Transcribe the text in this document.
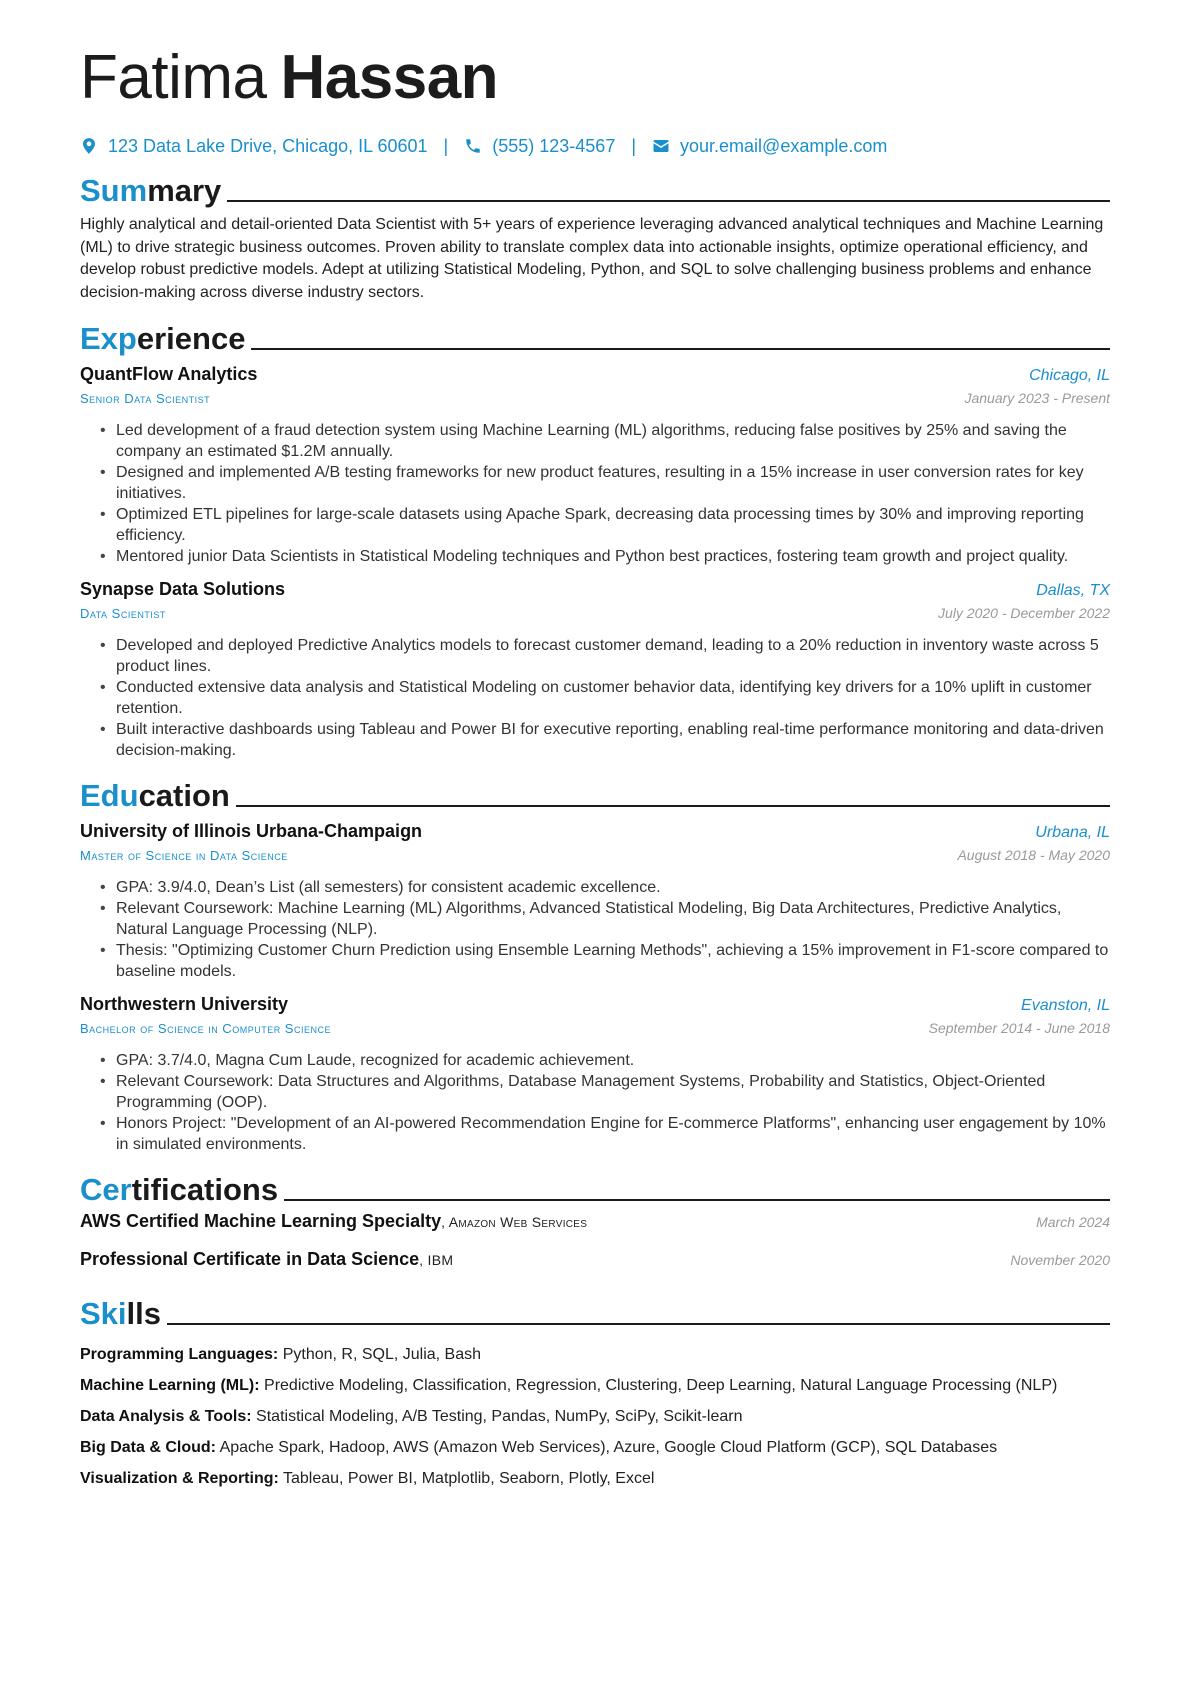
Fatima Hassan
123 Data Lake Drive, Chicago, IL 60601 | (555) 123-4567 | your.email@example.com
Summary
Highly analytical and detail-oriented Data Scientist with 5+ years of experience leveraging advanced analytical techniques and Machine Learning (ML) to drive strategic business outcomes. Proven ability to translate complex data into actionable insights, optimize operational efficiency, and develop robust predictive models. Adept at utilizing Statistical Modeling, Python, and SQL to solve challenging business problems and enhance decision-making across diverse industry sectors.
Experience
QuantFlow Analytics	Chicago, IL
Senior Data Scientist	January 2023 - Present
• Led development of a fraud detection system using Machine Learning (ML) algorithms, reducing false positives by 25% and saving the company an estimated $1.2M annually.
• Designed and implemented A/B testing frameworks for new product features, resulting in a 15% increase in user conversion rates for key initiatives.
• Optimized ETL pipelines for large-scale datasets using Apache Spark, decreasing data processing times by 30% and improving reporting efficiency.
• Mentored junior Data Scientists in Statistical Modeling techniques and Python best practices, fostering team growth and project quality.
Synapse Data Solutions	Dallas, TX
Data Scientist	July 2020 - December 2022
• Developed and deployed Predictive Analytics models to forecast customer demand, leading to a 20% reduction in inventory waste across 5 product lines.
• Conducted extensive data analysis and Statistical Modeling on customer behavior data, identifying key drivers for a 10% uplift in customer retention.
• Built interactive dashboards using Tableau and Power BI for executive reporting, enabling real-time performance monitoring and data-driven decision-making.
Education
University of Illinois Urbana-Champaign	Urbana, IL
Master of Science in Data Science	August 2018 - May 2020
• GPA: 3.9/4.0, Dean’s List (all semesters) for consistent academic excellence.
• Relevant Coursework: Machine Learning (ML) Algorithms, Advanced Statistical Modeling, Big Data Architectures, Predictive Analytics, Natural Language Processing (NLP).
• Thesis: "Optimizing Customer Churn Prediction using Ensemble Learning Methods", achieving a 15% improvement in F1-score compared to baseline models.
Northwestern University	Evanston, IL
Bachelor of Science in Computer Science	September 2014 - June 2018
• GPA: 3.7/4.0, Magna Cum Laude, recognized for academic achievement.
• Relevant Coursework: Data Structures and Algorithms, Database Management Systems, Probability and Statistics, Object-Oriented Programming (OOP).
• Honors Project: "Development of an AI-powered Recommendation Engine for E-commerce Platforms", enhancing user engagement by 10% in simulated environments.
Certifications
AWS Certified Machine Learning Specialty, Amazon Web Services	March 2024
Professional Certificate in Data Science, IBM	November 2020
Skills
Programming Languages: Python, R, SQL, Julia, Bash
Machine Learning (ML): Predictive Modeling, Classification, Regression, Clustering, Deep Learning, Natural Language Processing (NLP)
Data Analysis & Tools: Statistical Modeling, A/B Testing, Pandas, NumPy, SciPy, Scikit-learn
Big Data & Cloud: Apache Spark, Hadoop, AWS (Amazon Web Services), Azure, Google Cloud Platform (GCP), SQL Databases
Visualization & Reporting: Tableau, Power BI, Matplotlib, Seaborn, Plotly, Excel
